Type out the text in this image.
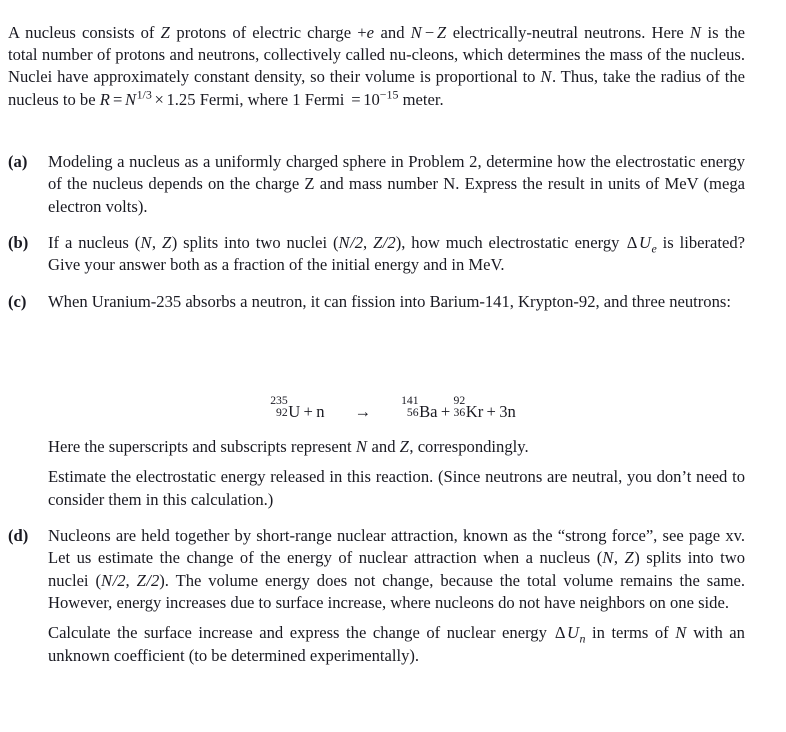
A nucleus consists of Z protons of electric charge +e and N − Z electrically-neutral neutrons. Here N is the total number of protons and neutrons, collectively called nu-cleons, which determines the mass of the nucleus. Nuclei have approximately constant density, so their volume is proportional to N. Thus, take the radius of the nucleus to be $R = N^{1/3} \times 1.25$ Fermi, where 1 Fermi = $10^{-15}$ meter.

(a)	Modeling a nucleus as a uniformly charged sphere in Problem 2, determine how the electrostatic energy of the nucleus depends on the charge Z and mass number N. Express the result in units of MeV (mega electron volts).
(b)	If a nucleus (N, Z) splits into two nuclei (N/2, Z/2), how much electrostatic energy $\Delta U_e$ is liberated? Give your answer both as a fraction of the initial energy and in MeV.
(c)	When Uranium-235 absorbs a neutron, it can fission into Barium-141, Krypton-92, and three neutrons:
235
92 U + n →
141
56 Ba +
92
36 Kr + 3n
Here the superscripts and subscripts represent N and Z, correspondingly.
Estimate the electrostatic energy released in this reaction. (Since neutrons are neutral, you don’t need to consider them in this calculation.)
(d)	Nucleons are held together by short-range nuclear attraction, known as the “strong force”, see page xv. Let us estimate the change of the energy of nuclear attraction when a nucleus (N, Z) splits into two nuclei (N/2, Z/2). The volume energy does not change, because the total volume remains the same. However, energy increases due to surface increase, where nucleons do not have neighbors on one side.
Calculate the surface increase and express the change of nuclear energy $\Delta U_n$ in terms of N with an unknown coefficient (to be determined experimentally).
